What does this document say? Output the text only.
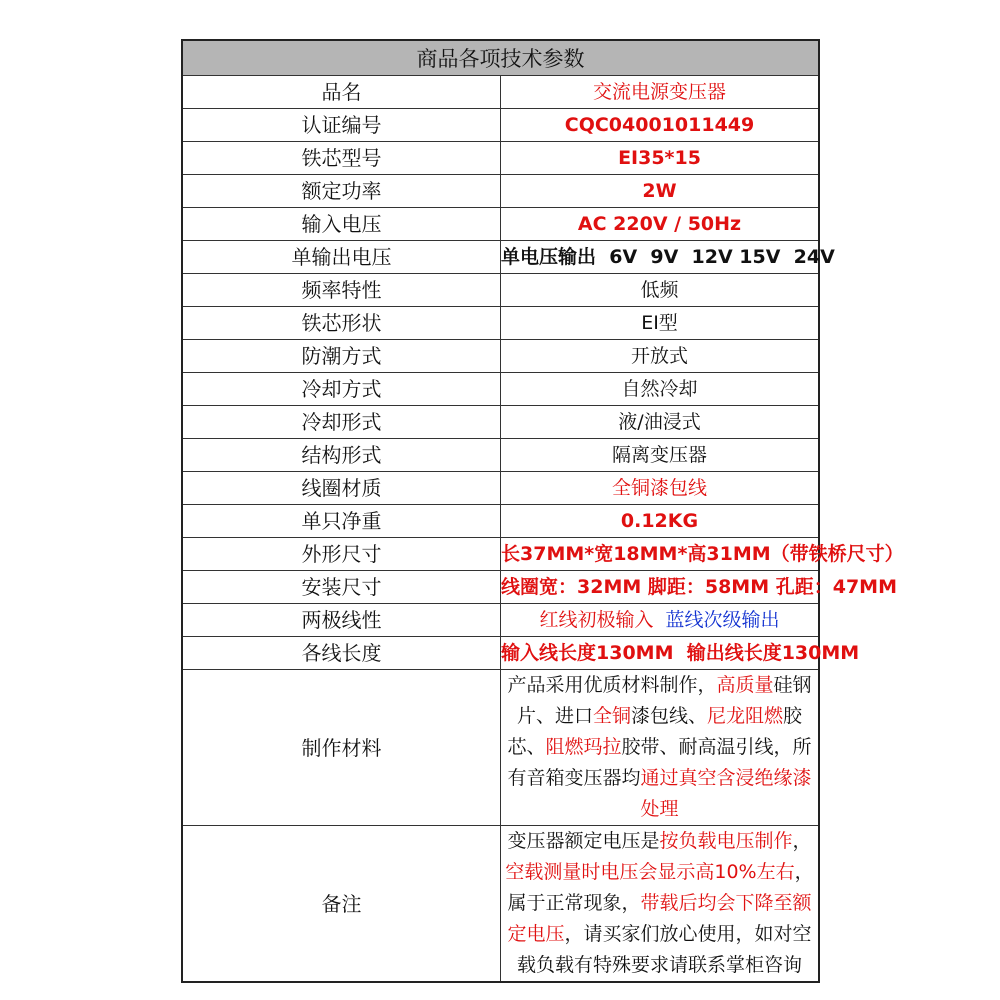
商品各项技术参数	
品名	交流电源变压器
认证编号	CQC04001011449
铁芯型号	EI35*15
额定功率	2W
输入电压	AC 220V / 50Hz
单输出电压	单电压输出  6V  9V  12V 15V  24V
频率特性	低频
铁芯形状	EI型
防潮方式	开放式
冷却方式	自然冷却
冷却形式	液/油浸式
结构形式	隔离变压器
线圈材质	全铜漆包线
单只净重	0.12KG
外形尺寸	长37MM*宽18MM*高31MM（带铁桥尺寸）
安装尺寸	线圈宽：32MM 脚距：58MM 孔距：47MM
两极线性	红线初极输入 蓝线次级输出
各线长度	输入线长度130MM  输出线长度130MM
制作材料	产品采用优质材料制作，高质量硅钢片、进口全铜漆包线、尼龙阻燃胶芯、阻燃玛拉胶带、耐高温引线，所有音箱变压器均通过真空含浸绝缘漆处理
备注	变压器额定电压是按负载电压制作，空载测量时电压会显示高10%左右，属于正常现象，带载后均会下降至额定电压，请买家们放心使用，如对空载负载有特殊要求请联系掌柜咨询
